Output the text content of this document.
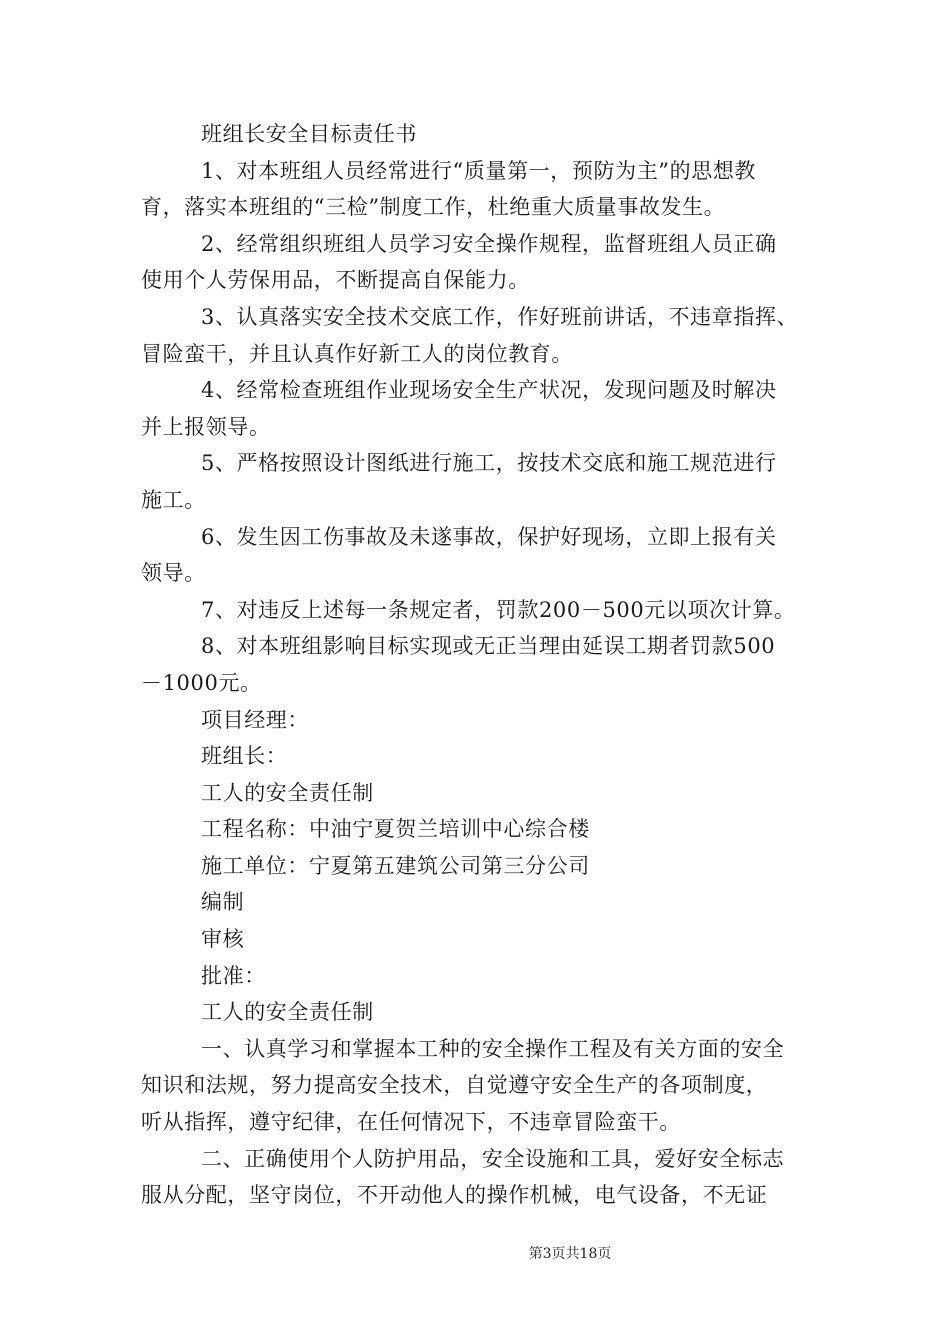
班组长安全目标责任书
1、对本班组人员经常进行“质量第一，预防为主”的思想教
育，落实本班组的“三检”制度工作，杜绝重大质量事故发生。
2、经常组织班组人员学习安全操作规程，监督班组人员正确
使用个人劳保用品，不断提高自保能力。
3、认真落实安全技术交底工作，作好班前讲话，不违章指挥、
冒险蛮干，并且认真作好新工人的岗位教育。
4、经常检查班组作业现场安全生产状况，发现问题及时解决
并上报领导。
5、严格按照设计图纸进行施工，按技术交底和施工规范进行
施工。
6、发生因工伤事故及未遂事故，保护好现场，立即上报有关
领导。
7、对违反上述每一条规定者，罚款200－500元以项次计算。
8、对本班组影响目标实现或无正当理由延误工期者罚款500
－1000元。
项目经理：
班组长：
工人的安全责任制
工程名称：中油宁夏贺兰培训中心综合楼
施工单位：宁夏第五建筑公司第三分公司
编制
审核
批准：
工人的安全责任制
一、认真学习和掌握本工种的安全操作工程及有关方面的安全
知识和法规，努力提高安全技术，自觉遵守安全生产的各项制度，
听从指挥，遵守纪律，在任何情况下，不违章冒险蛮干。
二、正确使用个人防护用品，安全设施和工具，爱好安全标志
服从分配，坚守岗位，不开动他人的操作机械，电气设备，不无证
第3页共18页
